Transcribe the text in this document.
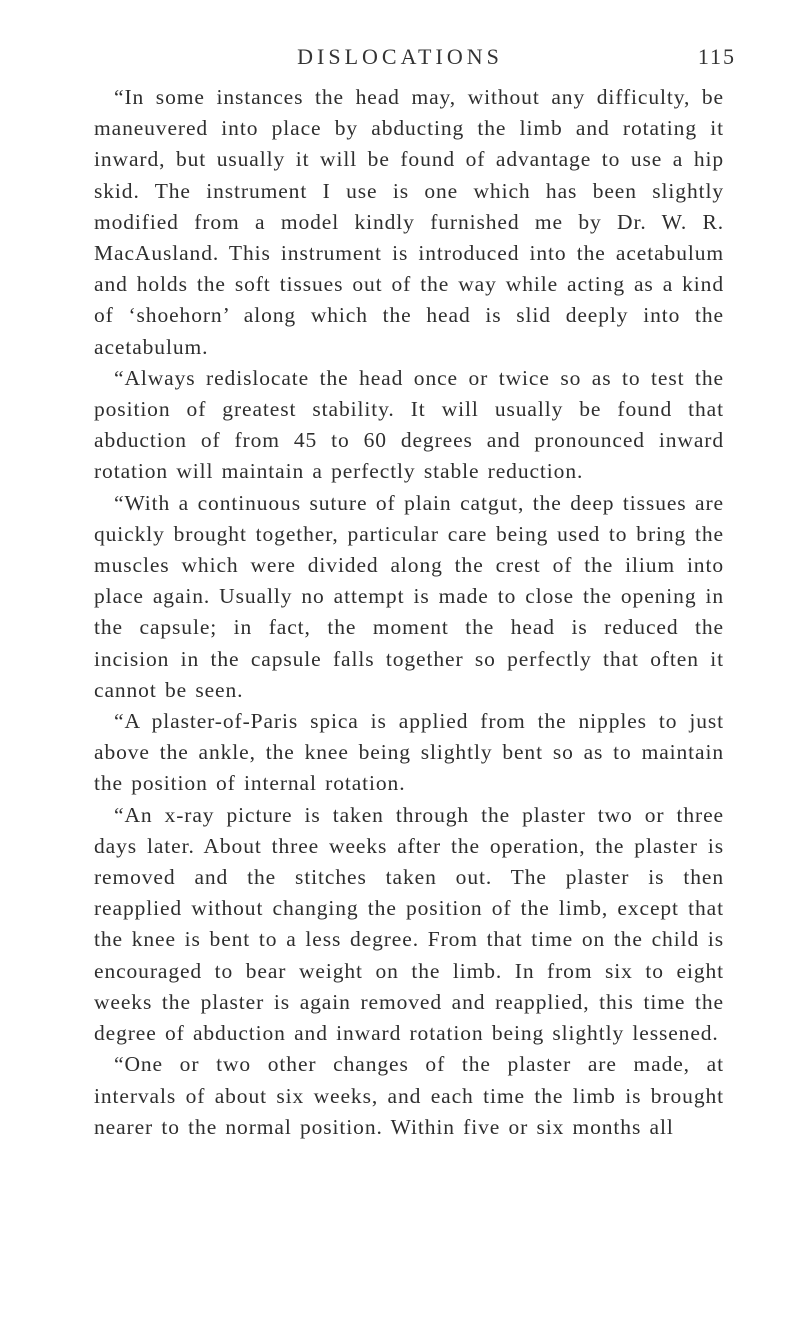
DISLOCATIONS	115

“In some instances the head may, without any difficulty, be maneuvered into place by abducting the limb and rotating it inward, but usually it will be found of advantage to use a hip skid. The instrument I use is one which has been slightly modified from a model kindly furnished me by Dr. W. R. MacAusland. This instrument is introduced into the acetabulum and holds the soft tissues out of the way while acting as a kind of ‘shoehorn’ along which the head is slid deeply into the acetabulum.

“Always redislocate the head once or twice so as to test the position of greatest stability. It will usually be found that abduction of from 45 to 60 degrees and pronounced inward rotation will maintain a perfectly stable reduction.

“With a continuous suture of plain catgut, the deep tissues are quickly brought together, particular care being used to bring the muscles which were divided along the crest of the ilium into place again. Usually no attempt is made to close the opening in the capsule; in fact, the moment the head is reduced the incision in the capsule falls together so perfectly that often it cannot be seen.

“A plaster-of-Paris spica is applied from the nipples to just above the ankle, the knee being slightly bent so as to maintain the position of internal rotation.

“An x-ray picture is taken through the plaster two or three days later. About three weeks after the operation, the plaster is removed and the stitches taken out. The plaster is then reapplied without changing the position of the limb, except that the knee is bent to a less degree. From that time on the child is encouraged to bear weight on the limb. In from six to eight weeks the plaster is again removed and reapplied, this time the degree of abduction and inward rotation being slightly lessened.

“One or two other changes of the plaster are made, at intervals of about six weeks, and each time the limb is brought nearer to the normal position. Within five or six months all
